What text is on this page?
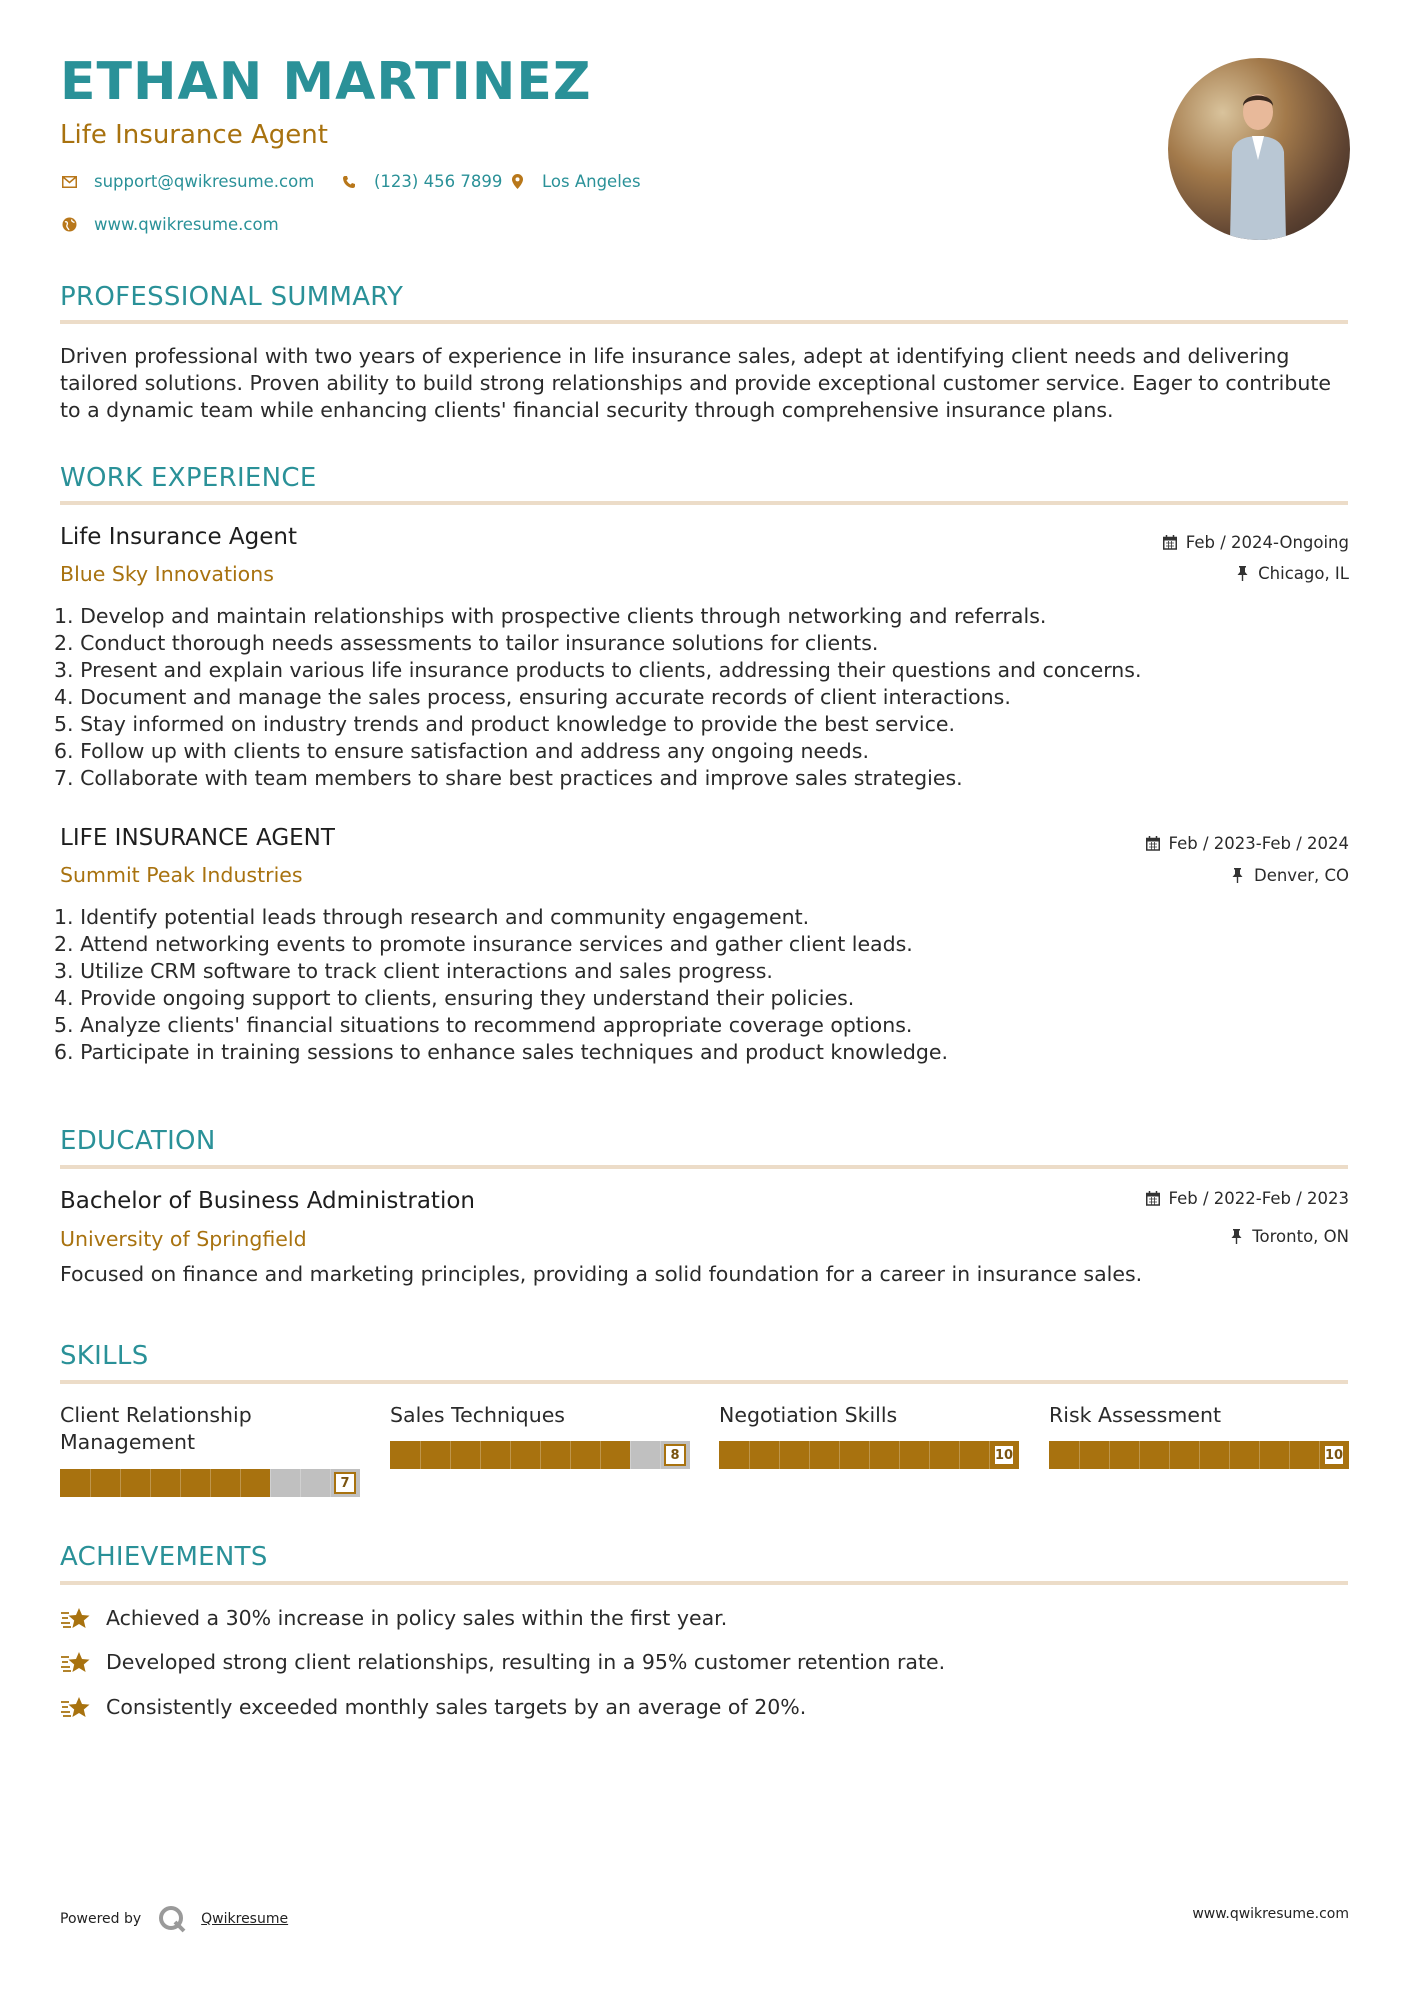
ETHAN MARTINEZ
Life Insurance Agent
support@qwikresume.com	(123) 456 7899 Los Angeles
www.qwikresume.com
PROFESSIONAL SUMMARY

Driven professional with two years of experience in life insurance sales, adept at identifying client needs and delivering tailored solutions. Proven ability to build strong relationships and provide exceptional customer service. Eager to contribute to a dynamic team while enhancing clients' financial security through comprehensive insurance plans.

WORK EXPERIENCE
Life Insurance Agent
Blue Sky Innovations
Feb / 2024-Ongoing
Chicago, IL
1. Develop and maintain relationships with prospective clients through networking and referrals.
2. Conduct thorough needs assessments to tailor insurance solutions for clients.
3. Present and explain various life insurance products to clients, addressing their questions and concerns.
4. Document and manage the sales process, ensuring accurate records of client interactions.
5. Stay informed on industry trends and product knowledge to provide the best service.
6. Follow up with clients to ensure satisfaction and address any ongoing needs.
7. Collaborate with team members to share best practices and improve sales strategies.
LIFE INSURANCE AGENT
Summit Peak Industries
Feb / 2023-Feb / 2024
Denver, CO
1. Identify potential leads through research and community engagement.
2. Attend networking events to promote insurance services and gather client leads.
3. Utilize CRM software to track client interactions and sales progress.
4. Provide ongoing support to clients, ensuring they understand their policies.
5. Analyze clients' financial situations to recommend appropriate coverage options.
6. Participate in training sessions to enhance sales techniques and product knowledge.
EDUCATION
Bachelor of Business Administration
University of Springfield
Feb / 2022-Feb / 2023
Toronto, ON
Focused on finance and marketing principles, providing a solid foundation for a career in insurance sales.
SKILLS
Client Relationship Management
7
Sales Techniques
8
Negotiation Skills
10
Risk Assessment
10
ACHIEVEMENTS
Achieved a 30% increase in policy sales within the first year.
Developed strong client relationships, resulting in a 95% customer retention rate.
Consistently exceeded monthly sales targets by an average of 20%.
Powered by	Qwikresume	www.qwikresume.com
